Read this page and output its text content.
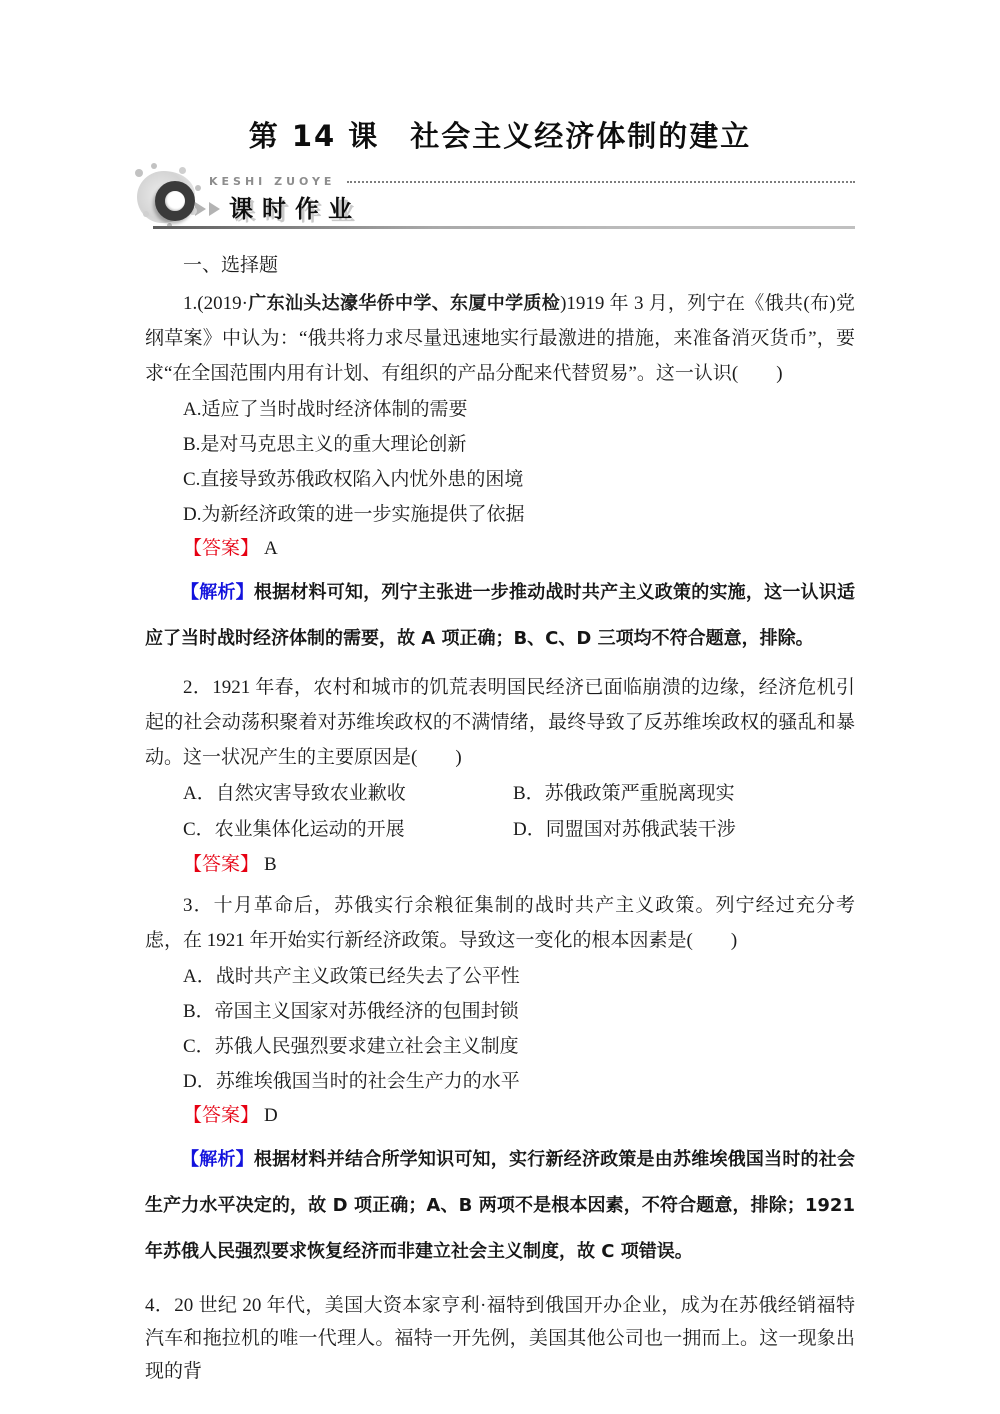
第 14 课　社会主义经济体制的建立
KESHI ZUOYE
课时作业
一、选择题

1.(2019·广东汕头达濠华侨中学、东厦中学质检)1919 年 3 月，列宁在《俄共(布)党纲草案》中认为：“俄共将力求尽量迅速地实行最激进的措施，来准备消灭货币”，要求“在全国范围内用有计划、有组织的产品分配来代替贸易”。这一认识(　　)

A.适应了当时战时经济体制的需要
B.是对马克思主义的重大理论创新
C.直接导致苏俄政权陷入内忧外患的困境
D.为新经济政策的进一步实施提供了依据

【答案】 A

【解析】根据材料可知，列宁主张进一步推动战时共产主义政策的实施，这一认识适应了当时战时经济体制的需要，故 A 项正确；B、C、D 三项均不符合题意，排除。

2．1921 年春，农村和城市的饥荒表明国民经济已面临崩溃的边缘，经济危机引起的社会动荡积聚着对苏维埃政权的不满情绪，最终导致了反苏维埃政权的骚乱和暴动。这一状况产生的主要原因是(　　)

A．自然灾害导致农业歉收	B．苏俄政策严重脱离现实
C．农业集体化运动的开展	D．同盟国对苏俄武装干涉

【答案】 B

3．十月革命后，苏俄实行余粮征集制的战时共产主义政策。列宁经过充分考虑，在 1921 年开始实行新经济政策。导致这一变化的根本因素是(　　)

A．战时共产主义政策已经失去了公平性
B．帝国主义国家对苏俄经济的包围封锁
C．苏俄人民强烈要求建立社会主义制度
D．苏维埃俄国当时的社会生产力的水平

【答案】 D

【解析】根据材料并结合所学知识可知，实行新经济政策是由苏维埃俄国当时的社会生产力水平决定的，故 D 项正确；A、B 两项不是根本因素，不符合题意，排除；1921 年苏俄人民强烈要求恢复经济而非建立社会主义制度，故 C 项错误。

4．20 世纪 20 年代，美国大资本家亨利·福特到俄国开办企业，成为在苏俄经销福特汽车和拖拉机的唯一代理人。福特一开先例，美国其他公司也一拥而上。这一现象出现的背
